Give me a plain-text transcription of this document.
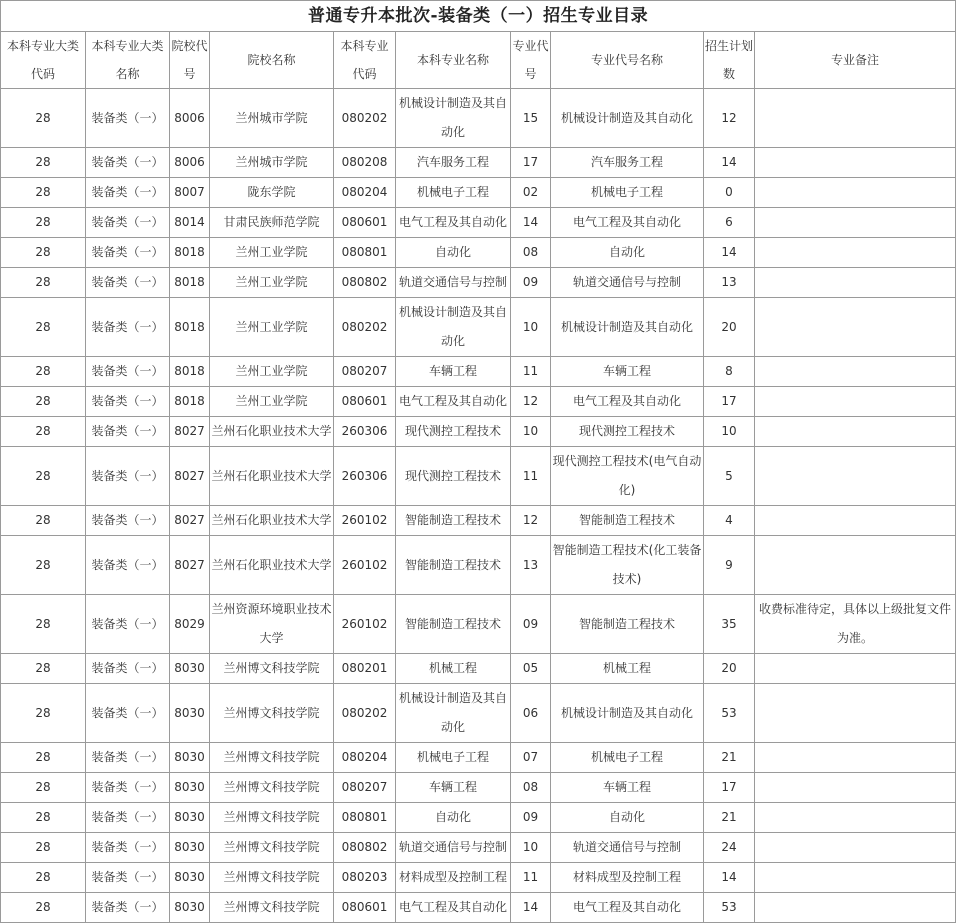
普通专升本批次-装备类（一）招生专业目录									
本科专业大类代码	本科专业大类名称	院校代号	院校名称	本科专业代码	本科专业名称	专业代号	专业代号名称	招生计划数	专业备注
28	装备类（一）	8006	兰州城市学院	080202	机械设计制造及其自动化	15	机械设计制造及其自动化	12	
28	装备类（一）	8006	兰州城市学院	080208	汽车服务工程	17	汽车服务工程	14	
28	装备类（一）	8007	陇东学院	080204	机械电子工程	02	机械电子工程	0	
28	装备类（一）	8014	甘肃民族师范学院	080601	电气工程及其自动化	14	电气工程及其自动化	6	
28	装备类（一）	8018	兰州工业学院	080801	自动化	08	自动化	14	
28	装备类（一）	8018	兰州工业学院	080802	轨道交通信号与控制	09	轨道交通信号与控制	13	
28	装备类（一）	8018	兰州工业学院	080202	机械设计制造及其自动化	10	机械设计制造及其自动化	20	
28	装备类（一）	8018	兰州工业学院	080207	车辆工程	11	车辆工程	8	
28	装备类（一）	8018	兰州工业学院	080601	电气工程及其自动化	12	电气工程及其自动化	17	
28	装备类（一）	8027	兰州石化职业技术大学	260306	现代测控工程技术	10	现代测控工程技术	10	
28	装备类（一）	8027	兰州石化职业技术大学	260306	现代测控工程技术	11	现代测控工程技术(电气自动化)	5	
28	装备类（一）	8027	兰州石化职业技术大学	260102	智能制造工程技术	12	智能制造工程技术	4	
28	装备类（一）	8027	兰州石化职业技术大学	260102	智能制造工程技术	13	智能制造工程技术(化工装备技术)	9	
28	装备类（一）	8029	兰州资源环境职业技术大学	260102	智能制造工程技术	09	智能制造工程技术	35	收费标准待定，具体以上级批复文件为准。
28	装备类（一）	8030	兰州博文科技学院	080201	机械工程	05	机械工程	20	
28	装备类（一）	8030	兰州博文科技学院	080202	机械设计制造及其自动化	06	机械设计制造及其自动化	53	
28	装备类（一）	8030	兰州博文科技学院	080204	机械电子工程	07	机械电子工程	21	
28	装备类（一）	8030	兰州博文科技学院	080207	车辆工程	08	车辆工程	17	
28	装备类（一）	8030	兰州博文科技学院	080801	自动化	09	自动化	21	
28	装备类（一）	8030	兰州博文科技学院	080802	轨道交通信号与控制	10	轨道交通信号与控制	24	
28	装备类（一）	8030	兰州博文科技学院	080203	材料成型及控制工程	11	材料成型及控制工程	14	
28	装备类（一）	8030	兰州博文科技学院	080601	电气工程及其自动化	14	电气工程及其自动化	53	
